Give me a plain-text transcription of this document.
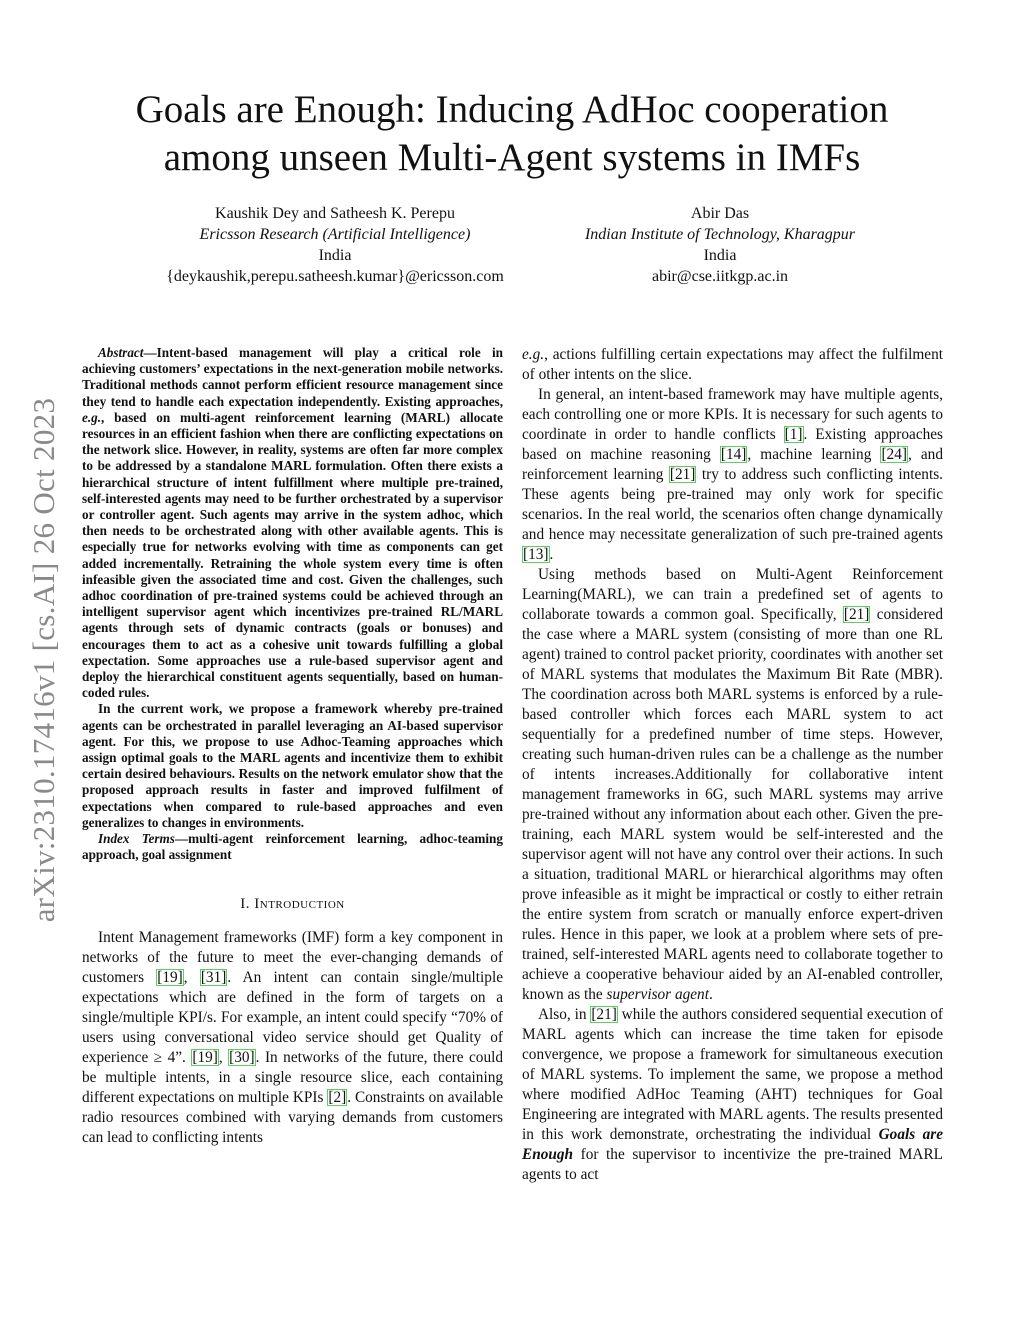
arXiv:2310.17416v1 [cs.AI] 26 Oct 2023
Goals are Enough: Inducing AdHoc cooperation among unseen Multi-Agent systems in IMFs
Kaushik Dey and Satheesh K. Perepu
Ericsson Research (Artificial Intelligence)
India
{deykaushik,perepu.satheesh.kumar}@ericsson.com
Abir Das
Indian Institute of Technology, Kharagpur
India
abir@cse.iitkgp.ac.in

Abstract—Intent-based management will play a critical role in achieving customers’ expectations in the next-generation mobile networks. Traditional methods cannot perform efficient resource management since they tend to handle each expectation independently. Existing approaches, e.g., based on multi-agent reinforcement learning (MARL) allocate resources in an efficient fashion when there are conflicting expectations on the network slice. However, in reality, systems are often far more complex to be addressed by a standalone MARL formulation. Often there exists a hierarchical structure of intent fulfillment where multiple pre-trained, self-interested agents may need to be further orchestrated by a supervisor or controller agent. Such agents may arrive in the system adhoc, which then needs to be orchestrated along with other available agents. This is especially true for networks evolving with time as components can get added incrementally. Retraining the whole system every time is often infeasible given the associated time and cost. Given the challenges, such adhoc coordination of pre-trained systems could be achieved through an intelligent supervisor agent which incentivizes pre-trained RL/MARL agents through sets of dynamic contracts (goals or bonuses) and encourages them to act as a cohesive unit towards fulfilling a global expectation. Some approaches use a rule-based supervisor agent and deploy the hierarchical constituent agents sequentially, based on human-coded rules.

In the current work, we propose a framework whereby pre-trained agents can be orchestrated in parallel leveraging an AI-based supervisor agent. For this, we propose to use Adhoc-Teaming approaches which assign optimal goals to the MARL agents and incentivize them to exhibit certain desired behaviours. Results on the network emulator show that the proposed approach results in faster and improved fulfilment of expectations when compared to rule-based approaches and even generalizes to changes in environments.

Index Terms—multi-agent reinforcement learning, adhoc-teaming approach, goal assignment

I. Introduction

Intent Management frameworks (IMF) form a key component in networks of the future to meet the ever-changing demands of customers [19], [31]. An intent can contain single/multiple expectations which are defined in the form of targets on a single/multiple KPI/s. For example, an intent could specify “70% of users using conversational video service should get Quality of experience ≥ 4”. [19], [30]. In networks of the future, there could be multiple intents, in a single resource slice, each containing different expectations on multiple KPIs [2]. Constraints on available radio resources combined with varying demands from customers can lead to conflicting intents

e.g., actions fulfilling certain expectations may affect the fulfilment of other intents on the slice.

In general, an intent-based framework may have multiple agents, each controlling one or more KPIs. It is necessary for such agents to coordinate in order to handle conflicts [1]. Existing approaches based on machine reasoning [14], machine learning [24], and reinforcement learning [21] try to address such conflicting intents. These agents being pre-trained may only work for specific scenarios. In the real world, the scenarios often change dynamically and hence may necessitate generalization of such pre-trained agents [13].

Using methods based on Multi-Agent Reinforcement Learning(MARL), we can train a predefined set of agents to collaborate towards a common goal. Specifically, [21] considered the case where a MARL system (consisting of more than one RL agent) trained to control packet priority, coordinates with another set of MARL systems that modulates the Maximum Bit Rate (MBR). The coordination across both MARL systems is enforced by a rule-based controller which forces each MARL system to act sequentially for a predefined number of time steps. However, creating such human-driven rules can be a challenge as the number of intents increases.Additionally for collaborative intent management frameworks in 6G, such MARL systems may arrive pre-trained without any information about each other. Given the pre-training, each MARL system would be self-interested and the supervisor agent will not have any control over their actions. In such a situation, traditional MARL or hierarchical algorithms may often prove infeasible as it might be impractical or costly to either retrain the entire system from scratch or manually enforce expert-driven rules. Hence in this paper, we look at a problem where sets of pre-trained, self-interested MARL agents need to collaborate together to achieve a cooperative behaviour aided by an AI-enabled controller, known as the supervisor agent.

Also, in [21] while the authors considered sequential execution of MARL agents which can increase the time taken for episode convergence, we propose a framework for simultaneous execution of MARL systems. To implement the same, we propose a method where modified AdHoc Teaming (AHT) techniques for Goal Engineering are integrated with MARL agents. The results presented in this work demonstrate, orchestrating the individual Goals are Enough for the supervisor to incentivize the pre-trained MARL agents to act
